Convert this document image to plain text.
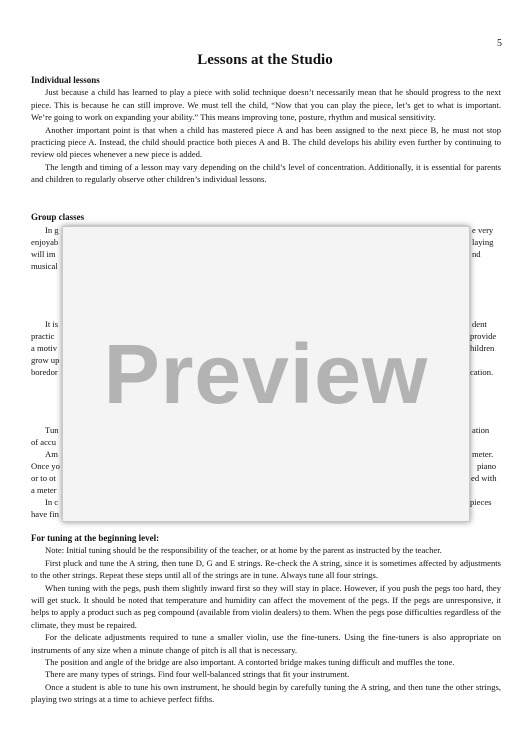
5
Lessons at the Studio
Individual lessons

Just because a child has learned to play a piece with solid technique doesn’t necessarily mean that he should progress to the next piece. This is because he can still improve. We must tell the child, “Now that you can play the piece, let’s get to what is important. We’re going to work on expanding your ability.” This means improving tone, posture, rhythm and musical sensitivity.

Another important point is that when a child has mastered piece A and has been assigned to the next piece B, he must not stop practicing piece A. Instead, the child should practice both pieces A and B. The child develops his ability even further by continuing to review old pieces whenever a new piece is added.

The length and timing of a lesson may vary depending on the child’s level of concentration. Additionally, it is essential for parents and children to regularly observe other children’s individual lessons.

Group classes
In g	e very
enjoyab	laying
will im	nd
musical
It is	dent
practic	provide
a motiv	hildren
grow up
boredor	cation.
Tun	ation
of accu
Am	meter.
Once yo	piano
or to ot	ed with
a meter
In c	pieces
have fin
Preview
For tuning at the beginning level:

Note: Initial tuning should be the responsibility of the teacher, or at home by the parent as instructed by the teacher.

First pluck and tune the A string, then tune D, G and E strings. Re-check the A string, since it is sometimes affected by adjustments to the other strings. Repeat these steps until all of the strings are in tune. Always tune all four strings.

When tuning with the pegs, push them slightly inward first so they will stay in place. However, if you push the pegs too hard, they will get stuck. It should be noted that temperature and humidity can affect the movement of the pegs. If the pegs are unresponsive, it helps to apply a product such as peg compound (available from violin dealers) to them. When the pegs pose difficulties regardless of the climate, they must be repaired.

For the delicate adjustments required to tune a smaller violin, use the fine-tuners. Using the fine-tuners is also appropriate on instruments of any size when a minute change of pitch is all that is necessary.

The position and angle of the bridge are also important. A contorted bridge makes tuning difficult and muffles the tone.

There are many types of strings. Find four well-balanced strings that fit your instrument.

Once a student is able to tune his own instrument, he should begin by carefully tuning the A string, and then tune the other strings, playing two strings at a time to achieve perfect fifths.
